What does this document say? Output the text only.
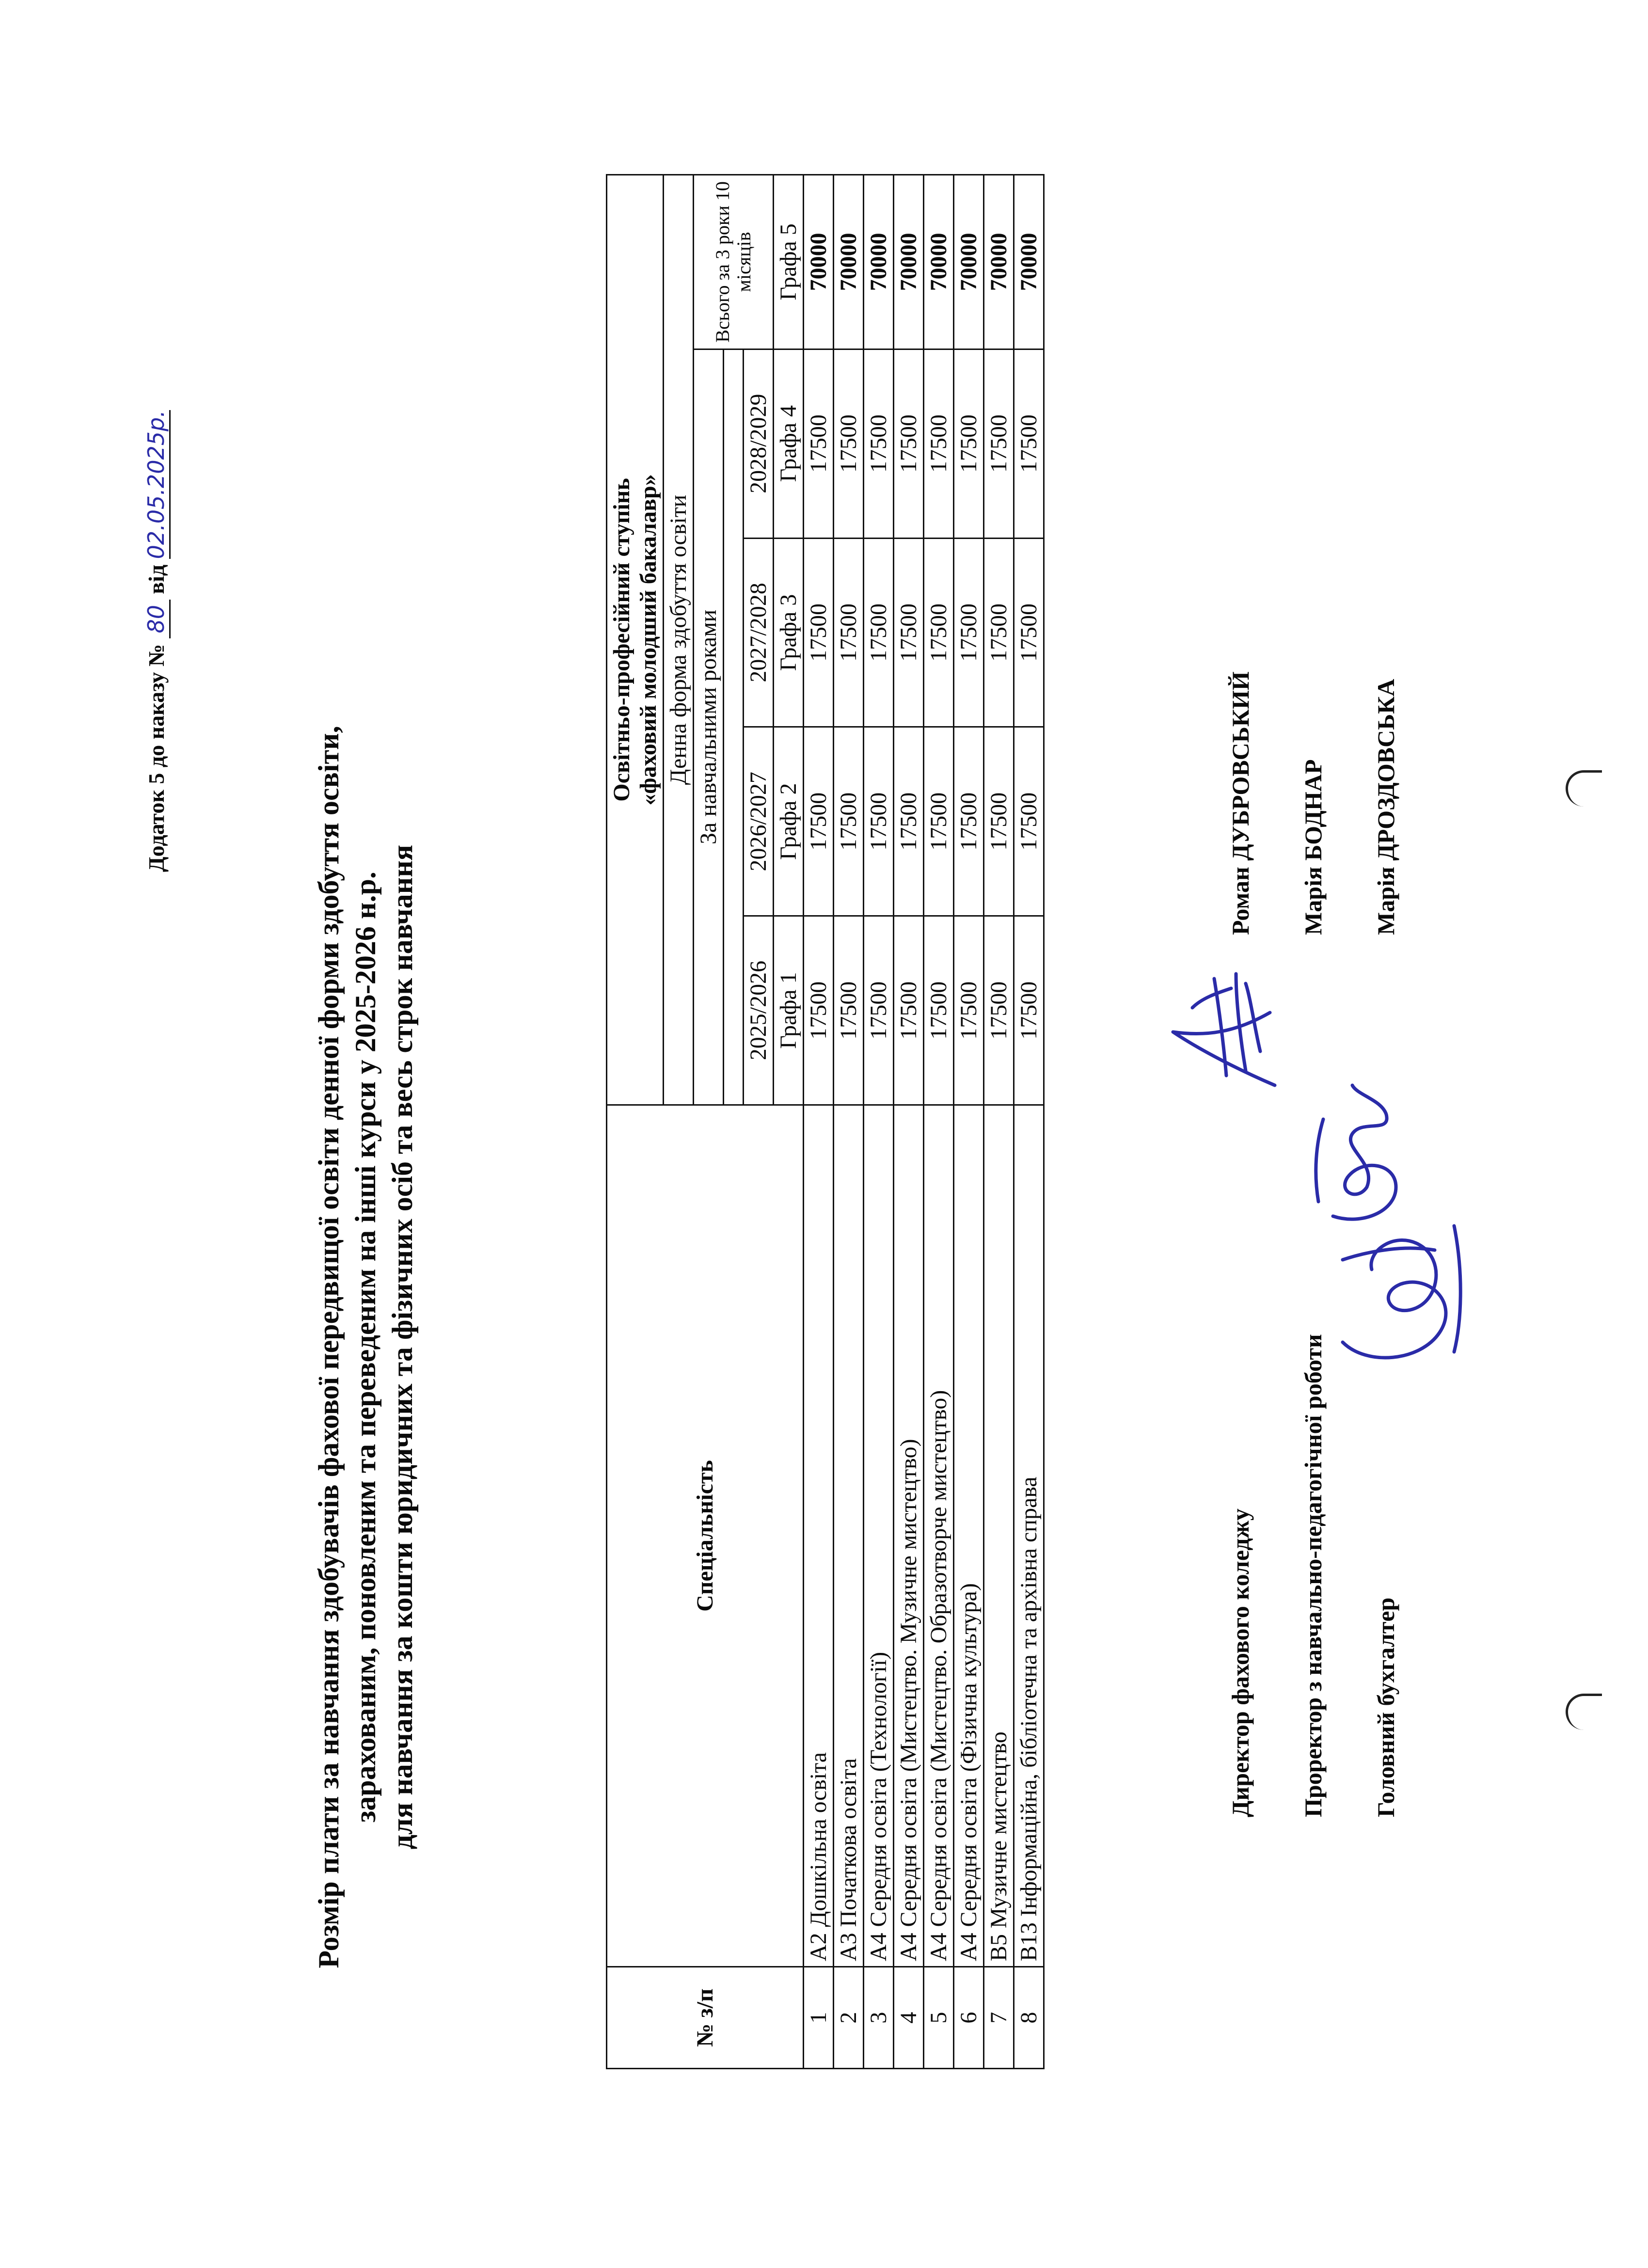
Додаток 5 до наказу № 80 від 02.05.2025р.
Розмір плати за навчання здобувачів фахової передвищої освіти денної форми здобуття освіти, зарахованим, поновленим та переведеним на інші курси у 2025-2026 н.р. для навчання за кошти юридичних та фізичних осіб та весь строк навчання
№ з/п	Спеціальність	Освітньо-професійний ступінь «фаховий молодший бакалавр»				

		Денна форма здобуття освіти				
		За навчальними роками				Всього за 3 роки 10 місяців

		2025/2026	2026/2027	2027/2028	2028/2029	
		Графа 1	Графа 2	Графа 3	Графа 4	Графа 5
1	А2 Дошкільна освіта	17500	17500	17500	17500	70000
2	А3 Початкова освіта	17500	17500	17500	17500	70000
3	А4 Середня освіта (Технології)	17500	17500	17500	17500	70000
4	А4 Середня освіта (Мистецтво. Музичне мистецтво)	17500	17500	17500	17500	70000
5	А4 Середня освіта (Мистецтво. Образотворче мистецтво)	17500	17500	17500	17500	70000
6	А4 Середня освіта (Фізична культура)	17500	17500	17500	17500	70000
7	В5 Музичне мистецтво	17500	17500	17500	17500	70000
8	В13 Інформаційна, бібліотечна та архівна справа	17500	17500	17500	17500	70000
Директор фахового коледжу
Роман ДУБРОВСЬКИЙ
Проректор з навчально-педагогічної роботи
Марія БОДНАР
Головний бухгалтер
Марія ДРОЗДОВСЬКА
